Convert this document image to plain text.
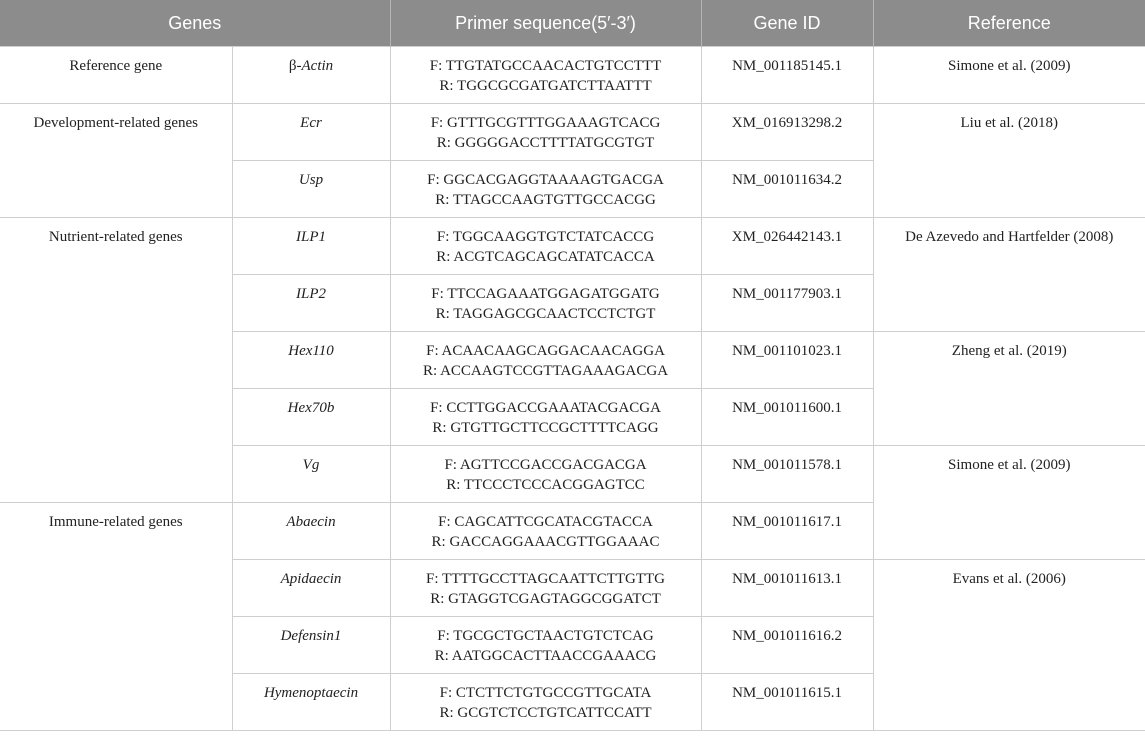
Genes		Primer sequence(5′-3′)	Gene ID	Reference
Reference gene	β-Actin	F: TTGTATGCCAACACTGTCCTTT
R: TGGCGCGATGATCTTAATTT	NM_001185145.1	Simone et al. (2009)
Development-related genes	Ecr	F: GTTTGCGTTTGGAAAGTCACG
R: GGGGGACCTTTTATGCGTGT	XM_016913298.2	Liu et al. (2018)
	Usp	F: GGCACGAGGTAAAAGTGACGA
R: TTAGCCAAGTGTTGCCACGG	NM_001011634.2	
Nutrient-related genes	ILP1	F: TGGCAAGGTGTCTATCACCG
R: ACGTCAGCAGCATATCACCA	XM_026442143.1	De Azevedo and Hartfelder (2008)
	ILP2	F: TTCCAGAAATGGAGATGGATG
R: TAGGAGCGCAACTCCTCTGT	NM_001177903.1	
	Hex110	F: ACAACAAGCAGGACAACAGGA
R: ACCAAGTCCGTTAGAAAGACGA	NM_001101023.1	Zheng et al. (2019)
	Hex70b	F: CCTTGGACCGAAATACGACGA
R: GTGTTGCTTCCGCTTTTCAGG	NM_001011600.1	
	Vg	F: AGTTCCGACCGACGACGA
R: TTCCCTCCCACGGAGTCC	NM_001011578.1	Simone et al. (2009)
Immune-related genes	Abaecin	F: CAGCATTCGCATACGTACCA
R: GACCAGGAAACGTTGGAAAC	NM_001011617.1	
	Apidaecin	F: TTTTGCCTTAGCAATTCTTGTTG
R: GTAGGTCGAGTAGGCGGATCT	NM_001011613.1	Evans et al. (2006)
	Defensin1	F: TGCGCTGCTAACTGTCTCAG
R: AATGGCACTTAACCGAAACG	NM_001011616.2	
	Hymenoptaecin	F: CTCTTCTGTGCCGTTGCATA
R: GCGTCTCCTGTCATTCCATT	NM_001011615.1	
